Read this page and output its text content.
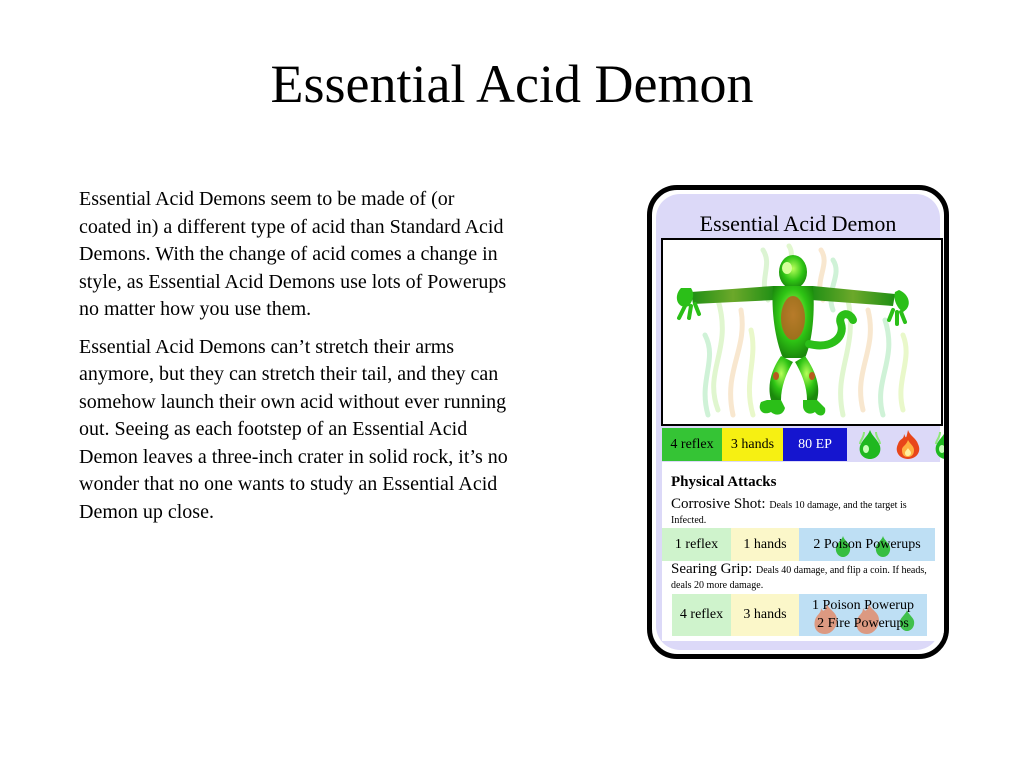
Essential Acid Demon

Essential Acid Demons seem to be made of (or coated in) a different type of acid than Standard Acid Demons. With the change of acid comes a change in style, as Essential Acid Demons use lots of Powerups no matter how you use them.

Essential Acid Demons can’t stretch their arms anymore, but they can stretch their tail, and they can somehow launch their own acid without ever running out. Seeing as each footstep of an Essential Acid Demon leaves a three-inch crater in solid rock, it’s no wonder that no one wants to study an Essential Acid Demon up close.

Essential Acid Demon
4 reflex	3 hands	80 EP
Physical Attacks
Corrosive Shot: Deals 10 damage, and the target is Infected.
1 reflex	1 hands	2 Poison Powerups
Searing Grip: Deals 40 damage, and flip a coin. If heads, deals 20 more damage.
4 reflex	3 hands
1 Poison Powerup
2 Fire Powerups
